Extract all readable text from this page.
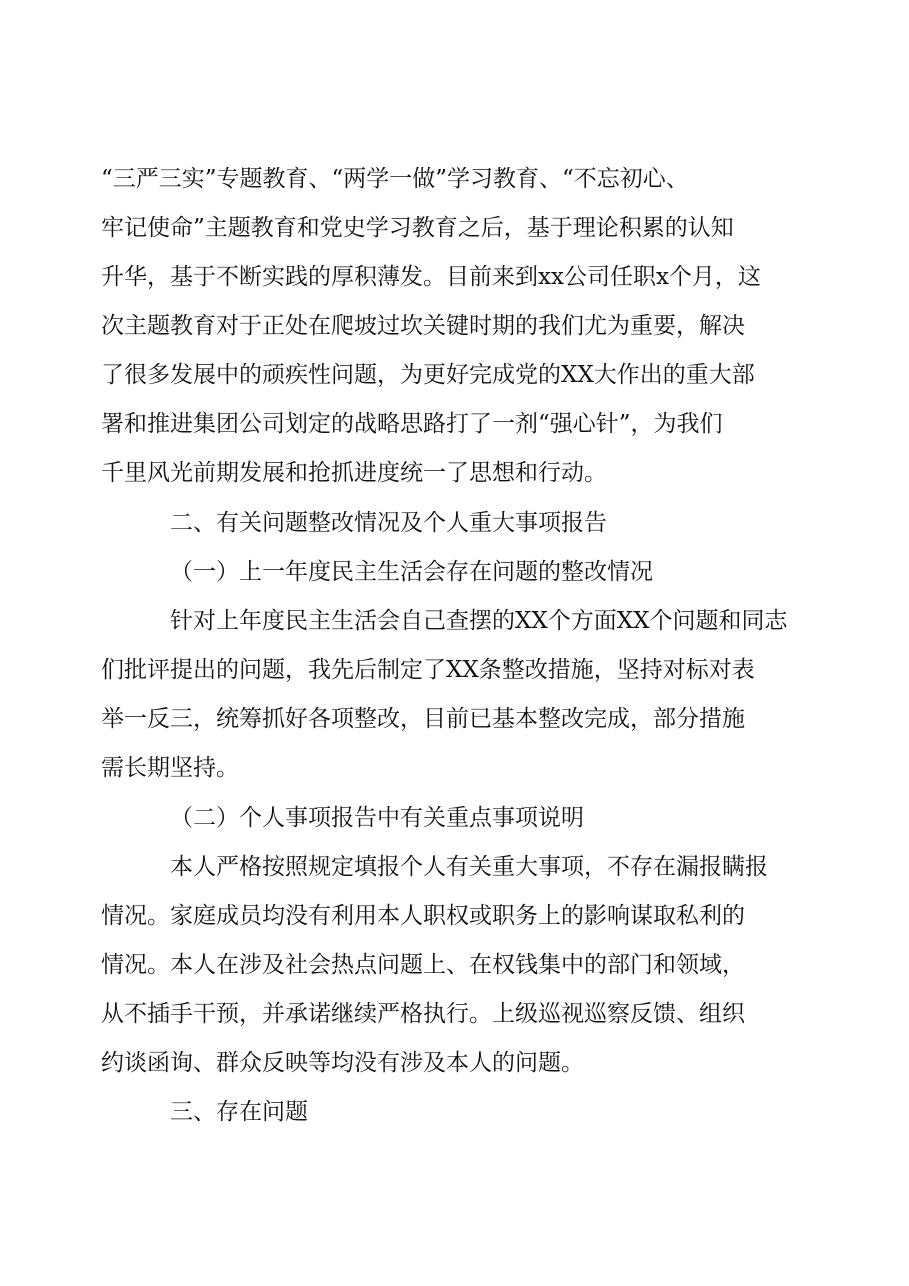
“三严三实”专题教育、“两学一做”学习教育、“不忘初心、
牢记使命”主题教育和党史学习教育之后，基于理论积累的认知
升华，基于不断实践的厚积薄发。目前来到xx公司任职x个月，这
次主题教育对于正处在爬坡过坎关键时期的我们尤为重要，解决
了很多发展中的顽疾性问题，为更好完成党的XX大作出的重大部
署和推进集团公司划定的战略思路打了一剂“强心针”，为我们
千里风光前期发展和抢抓进度统一了思想和行动。
二、有关问题整改情况及个人重大事项报告
（一）上一年度民主生活会存在问题的整改情况
针对上年度民主生活会自己查摆的XX个方面XX个问题和同志
们批评提出的问题，我先后制定了XX条整改措施，坚持对标对表
举一反三，统筹抓好各项整改，目前已基本整改完成，部分措施
需长期坚持。
（二）个人事项报告中有关重点事项说明
本人严格按照规定填报个人有关重大事项，不存在漏报瞒报
情况。家庭成员均没有利用本人职权或职务上的影响谋取私利的
情况。本人在涉及社会热点问题上、在权钱集中的部门和领域，
从不插手干预，并承诺继续严格执行。上级巡视巡察反馈、组织
约谈函询、群众反映等均没有涉及本人的问题。
三、存在问题
